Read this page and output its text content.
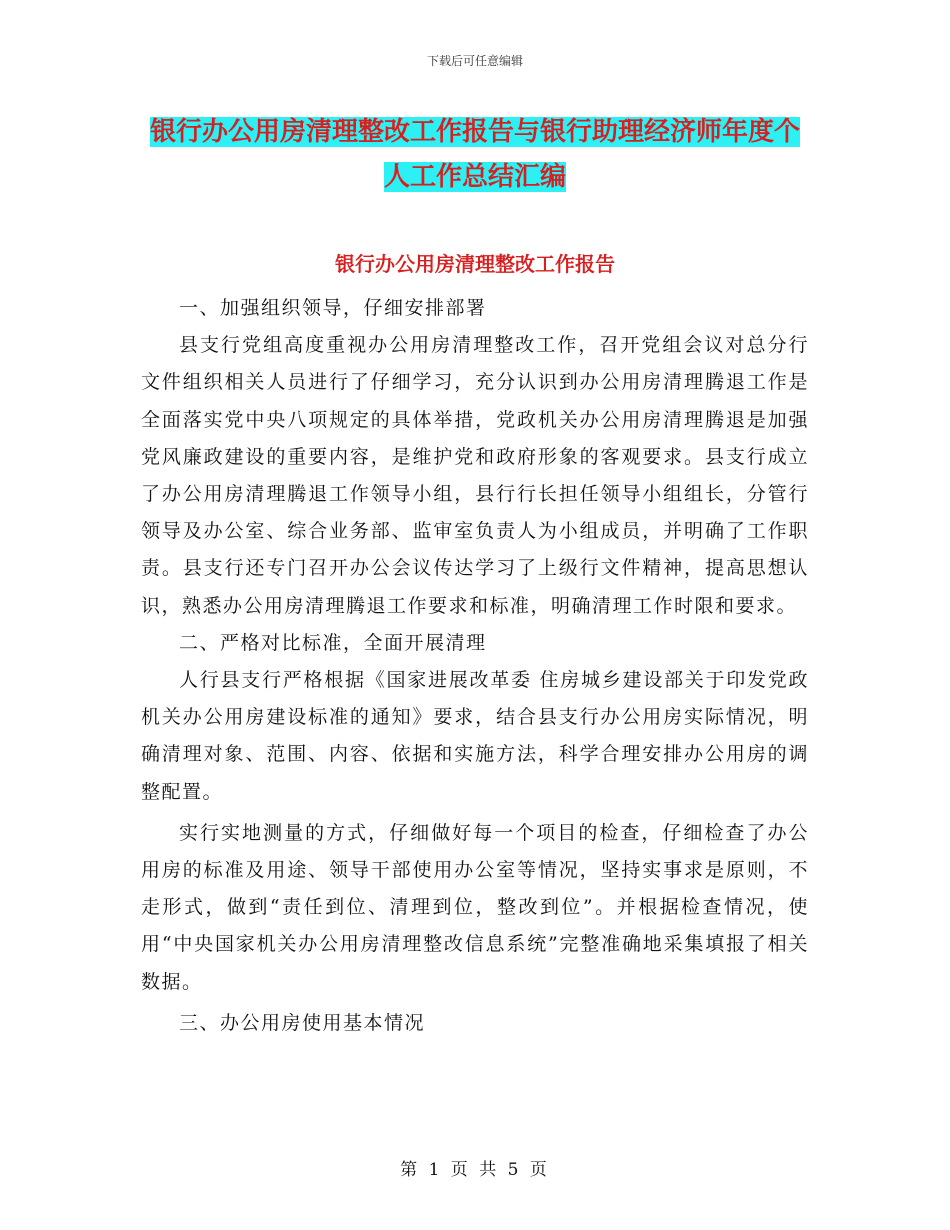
下载后可任意编辑
银行办公用房清理整改工作报告与银行助理经济师年度个人工作总结汇编
银行办公用房清理整改工作报告

一、加强组织领导，仔细安排部署

县支行党组高度重视办公用房清理整改工作，召开党组会议对总分行文件组织相关人员进行了仔细学习，充分认识到办公用房清理腾退工作是全面落实党中央八项规定的具体举措，党政机关办公用房清理腾退是加强党风廉政建设的重要内容，是维护党和政府形象的客观要求。县支行成立了办公用房清理腾退工作领导小组，县行行长担任领导小组组长，分管行领导及办公室、综合业务部、监审室负责人为小组成员，并明确了工作职责。县支行还专门召开办公会议传达学习了上级行文件精神，提高思想认识，熟悉办公用房清理腾退工作要求和标准，明确清理工作时限和要求。

二、严格对比标准，全面开展清理

人行县支行严格根据《国家进展改革委 住房城乡建设部关于印发党政机关办公用房建设标准的通知》要求，结合县支行办公用房实际情况，明确清理对象、范围、内容、依据和实施方法，科学合理安排办公用房的调整配置。

实行实地测量的方式，仔细做好每一个项目的检查，仔细检查了办公用房的标准及用途、领导干部使用办公室等情况，坚持实事求是原则，不走形式，做到“责任到位、清理到位，整改到位”。并根据检查情况，使用“中央国家机关办公用房清理整改信息系统”完整准确地采集填报了相关数据。

三、办公用房使用基本情况

第 1 页 共 5 页
